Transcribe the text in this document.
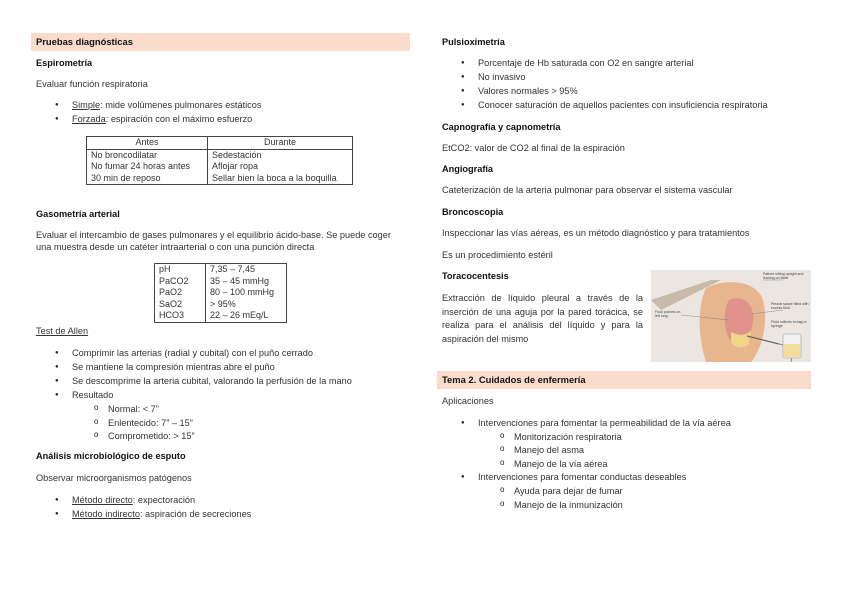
Pruebas diagnósticas
Espirometría
Evaluar función respiratoria
● Simple: mide volúmenes pulmonares estáticos
● Forzada: espiración con el máximo esfuerzo
Antes	Durante
No broncodilatar	Sedestación
No fumar 24 horas antes	Aflojar ropa
30 min de reposo	Sellar bien la boca a la boquilla
Gasometría arterial
Evaluar el intercambio de gases pulmonares y el equilibrio ácido-base. Se puede coger
una muestra desde un catéter intraarterial o con una punción directa
pH	7,35 – 7,45
PaCO2	35 – 45 mmHg
PaO2	80 – 100 mmHg
SaO2	> 95%
HCO3	22 – 26 mEq/L
Test de Allen
● Comprimir las arterias (radial y cubital) con el puño cerrado
● Se mantiene la compresión mientras abre el puño
● Se descomprime la arteria cubital, valorando la perfusión de la mano
● Resultado
o Normal: < 7”
o Enlentecido: 7” – 15”
o Comprometido: > 15”
Análisis microbiológico de esputo
Observar microorganismos patógenos
● Método directo: expectoración
● Método indirecto: aspiración de secreciones
Pulsioximetría
● Porcentaje de Hb saturada con O2 en sangre arterial
● No invasivo
● Valores normales > 95%
● Conocer saturación de aquellos pacientes con insuficiencia respiratoria
Capnografía y capnometría
EtCO2: valor de CO2 al final de la espiración
Angiografía
Cateterización de la arteria pulmonar para observar el sistema vascular
Broncoscopia
Inspeccionar las vías aéreas, es un método diagnóstico y para tratamientos
Es un procedimiento estéril
Toracocentesis
Extracción de líquido pleural a través de la
inserción de una aguja por la pared torácica, se
realiza para el análisis del líquido y para la
aspiración del mismo
Patient sitting upright and leaning on table
Fluid pushes on left lung
Pleural space filled with excess fluid
Fluid collects in bag or syringe
Tema 2. Cuidados de enfermería
Aplicaciones
● Intervenciones para fomentar la permeabilidad de la vía aérea
o Monitorización respiratoria
o Manejo del asma
o Manejo de la vía aérea
● Intervenciones para fomentar conductas deseables
o Ayuda para dejar de fumar
o Manejo de la inmunización
